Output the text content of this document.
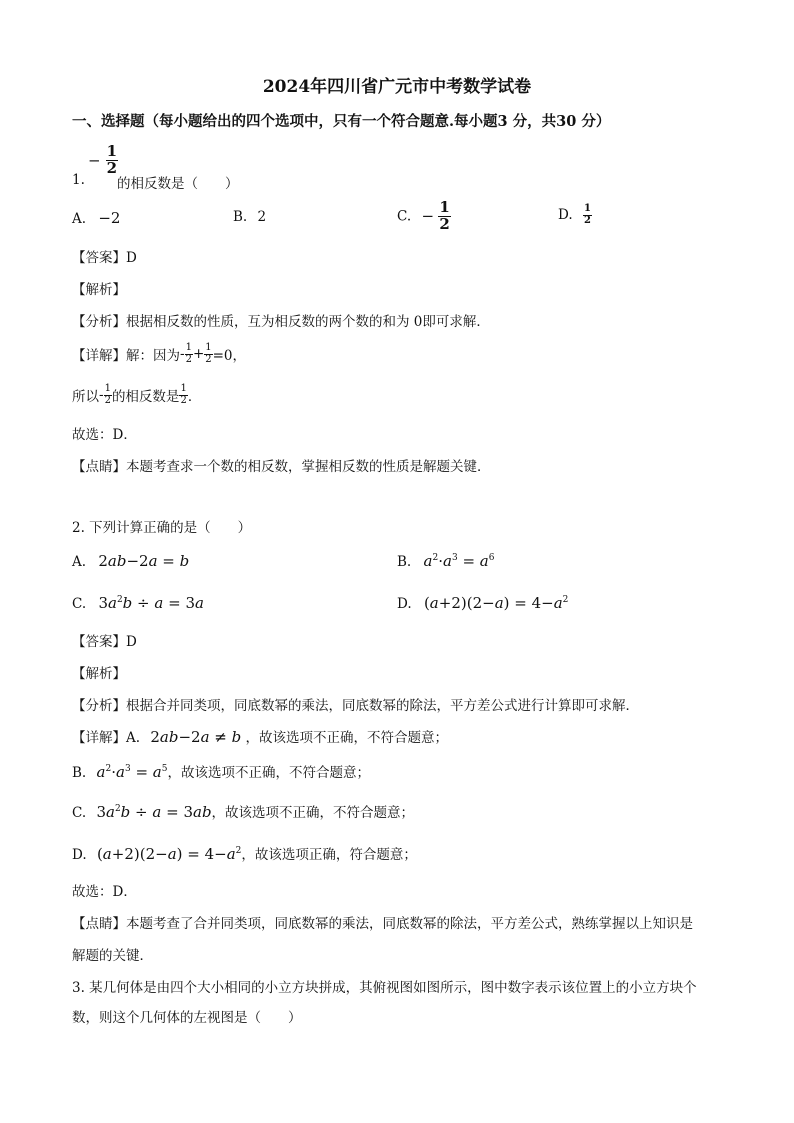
2024年四川省广元市中考数学试卷
一、选择题（每小题给出的四个选项中，只有一个符合题意.每小题3 分，共30 分）
− $\frac{1}{2}$
1. 的相反数是（　　）
A. −2	B. 2	C. − $\frac{1}{2}$	D. $\frac{1}{2}$
【答案】D
【解析】
【分析】根据相反数的性质，互为相反数的两个数的和为 0即可求解．
【详解】解：因为- $\frac{1}{2} + \frac{1}{2} =0$，
所以- $\frac{1}{2}$ 的相反数是 $\frac{1}{2}$ ．
故选：D．
【点睛】本题考查求一个数的相反数，掌握相反数的性质是解题关键．
2. 下列计算正确的是（　　）
A. 2ab−2a = b	B. $a^2\cdot a^3 = a^6$
C. $3a^2b \div a = 3a$	D. $(a+2)(2-a) = 4-a^2$
【答案】D
【解析】
【分析】根据合并同类项，同底数幂的乘法，同底数幂的除法，平方差公式进行计算即可求解．
【详解】A. 2ab−2a ≠ b ，故该选项不正确，不符合题意；
B. $a^2\cdot a^3 = a^5$，故该选项不正确，不符合题意；
C. $3a^2b \div a = 3ab$，故该选项不正确，不符合题意；
D. $(a+2)(2-a) = 4-a^2$，故该选项正确，符合题意；
故选：D．
【点睛】本题考查了合并同类项，同底数幂的乘法，同底数幂的除法，平方差公式，熟练掌握以上知识是
解题的关键．
3. 某几何体是由四个大小相同的小立方块拼成，其俯视图如图所示，图中数字表示该位置上的小立方块个
数，则这个几何体的左视图是（　　）
